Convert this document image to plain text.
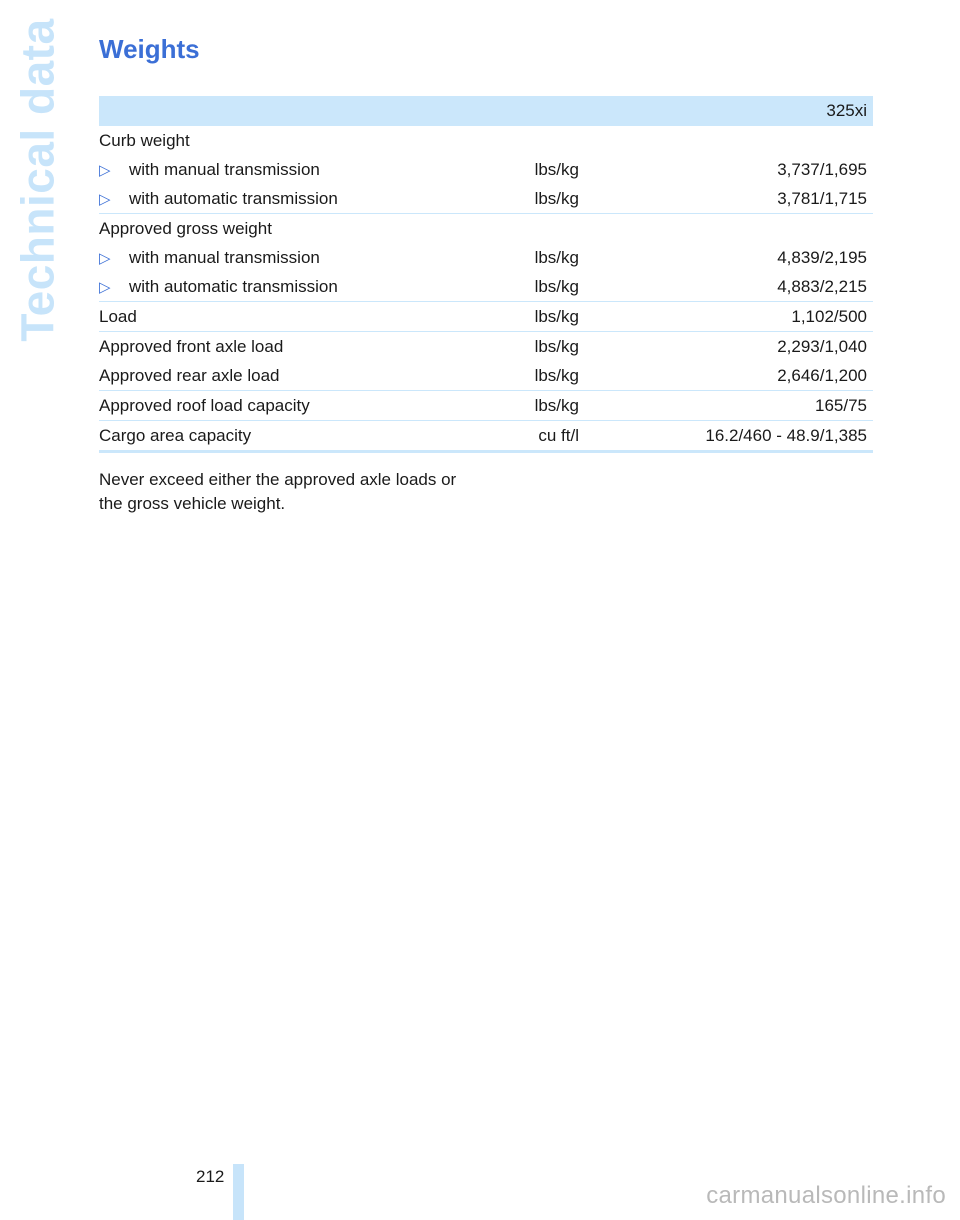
Technical data Weights
325xi		
Curb weight		
▷ with manual transmission	lbs/kg	3,737/1,695
▷ with automatic transmission	lbs/kg	3,781/1,715
Approved gross weight		
▷ with manual transmission	lbs/kg	4,839/2,195
▷ with automatic transmission	lbs/kg	4,883/2,215
Load	lbs/kg	1,102/500
Approved front axle load	lbs/kg	2,293/1,040
Approved rear axle load	lbs/kg	2,646/1,200
Approved roof load capacity	lbs/kg	165/75
Cargo area capacity	cu ft/l	16.2/460 - 48.9/1,385

Never exceed either the approved axle loads or the gross vehicle weight.

212
carmanualsonline.info
